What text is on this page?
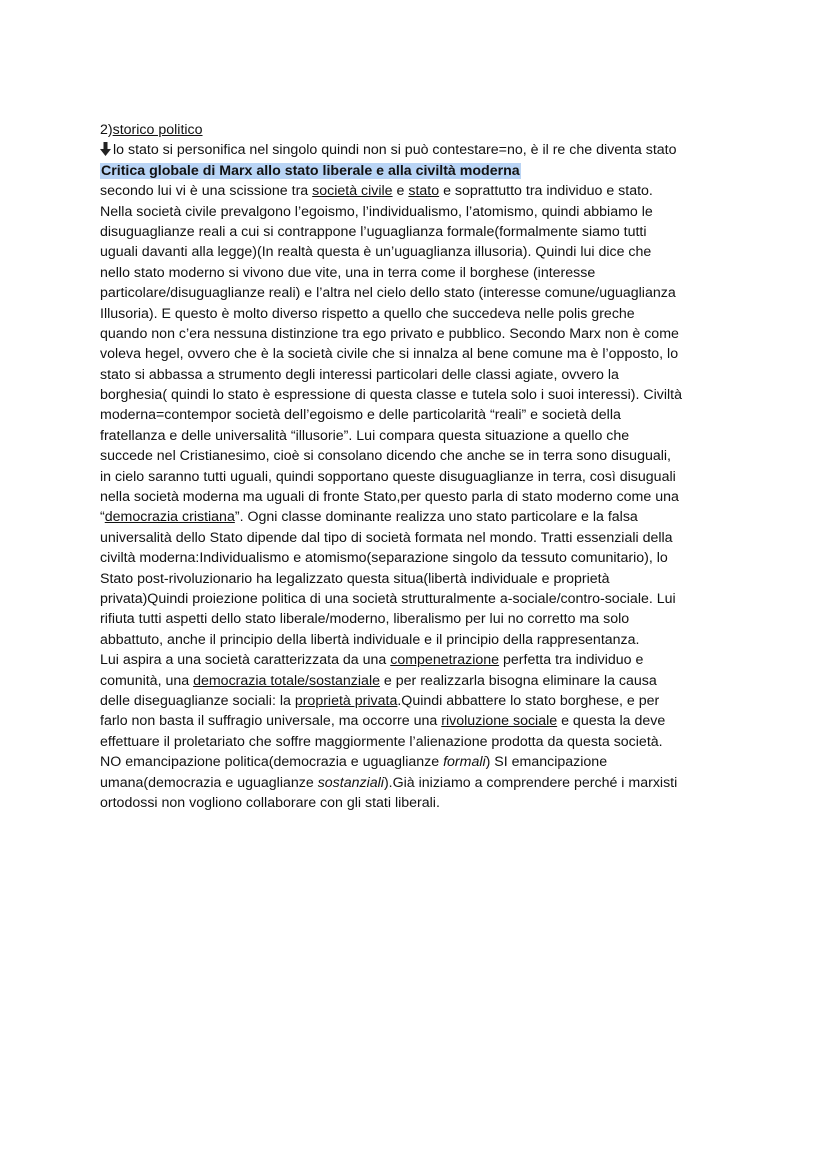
2)storico politico
lo stato si personifica nel singolo quindi non si può contestare=no, è il re che diventa stato
Critica globale di Marx allo stato liberale e alla civiltà moderna
secondo lui vi è una scissione tra società civile e stato e soprattutto tra individuo e stato.
Nella società civile prevalgono l’egoismo, l’individualismo, l’atomismo, quindi abbiamo le
disuguaglianze reali a cui si contrappone l’uguaglianza formale(formalmente siamo tutti
uguali davanti alla legge)(In realtà questa è un’uguaglianza illusoria). Quindi lui dice che
nello stato moderno si vivono due vite, una in terra come il borghese (interesse
particolare/disuguaglianze reali) e l’altra nel cielo dello stato (interesse comune/uguaglianza
Illusoria). E questo è molto diverso rispetto a quello che succedeva nelle polis greche
quando non c’era nessuna distinzione tra ego privato e pubblico. Secondo Marx non è come
voleva hegel, ovvero che è la società civile che si innalza al bene comune ma è l’opposto, lo
stato si abbassa a strumento degli interessi particolari delle classi agiate, ovvero la
borghesia( quindi lo stato è espressione di questa classe e tutela solo i suoi interessi). Civiltà
moderna=contempor società dell’egoismo e delle particolarità “reali” e società della
fratellanza e delle universalità “illusorie”. Lui compara questa situazione a quello che
succede nel Cristianesimo, cioè si consolano dicendo che anche se in terra sono disuguali,
in cielo saranno tutti uguali, quindi sopportano queste disuguaglianze in terra, così disuguali
nella società moderna ma uguali di fronte Stato,per questo parla di stato moderno come una
“democrazia cristiana”. Ogni classe dominante realizza uno stato particolare e la falsa
universalità dello Stato dipende dal tipo di società formata nel mondo. Tratti essenziali della
civiltà moderna:Individualismo e atomismo(separazione singolo da tessuto comunitario), lo
Stato post-rivoluzionario ha legalizzato questa situa(libertà individuale e proprietà
privata)Quindi proiezione politica di una società strutturalmente a-sociale/contro-sociale. Lui
rifiuta tutti aspetti dello stato liberale/moderno, liberalismo per lui no corretto ma solo
abbattuto, anche il principio della libertà individuale e il principio della rappresentanza.
Lui aspira a una società caratterizzata da una compenetrazione perfetta tra individuo e
comunità, una democrazia totale/sostanziale e per realizzarla bisogna eliminare la causa
delle diseguaglianze sociali: la proprietà privata.Quindi abbattere lo stato borghese, e per
farlo non basta il suffragio universale, ma occorre una rivoluzione sociale e questa la deve
effettuare il proletariato che soffre maggiormente l’alienazione prodotta da questa società.
NO emancipazione politica(democrazia e uguaglianze formali) SI emancipazione
umana(democrazia e uguaglianze sostanziali).Già iniziamo a comprendere perché i marxisti
ortodossi non vogliono collaborare con gli stati liberali.
